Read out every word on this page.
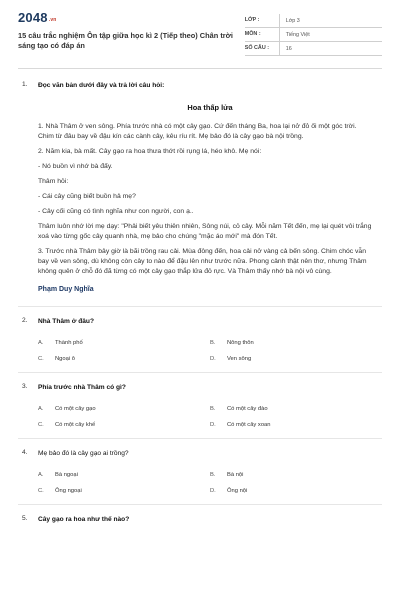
2048.vn
15 câu trắc nghiệm Ôn tập giữa học kì 2 (Tiếp theo) Chân trời sáng tạo có đáp án
LỚP :	Lớp 3
MÔN :	Tiếng Việt
SỐ CÂU :	16
1. Đọc văn bản dưới đây và trả lời câu hỏi:
Hoa thấp lửa

1. Nhà Thâm ở ven sông. Phía trước nhà có một cây gạo. Cứ đến tháng Ba, hoa lại nở đỏ ối một góc trời. Chim từ đâu bay về đậu kín các cành cây, kêu ríu rít. Mẹ bảo đó là cây gạo bà nội trồng.

2. Năm kia, bà mất. Cây gạo ra hoa thưa thớt rồi rụng lá, héo khô. Mẹ nói:

- Nó buồn vì nhớ bà đấy.

Thâm hỏi:

- Cái cây cũng biết buồn hả mẹ?

- Cây cối cũng có tình nghĩa như con người, con ạ..

Thâm luôn nhớ lời mẹ dạy: "Phải biết yêu thiên nhiên, Sông núi, cỏ cây. Mỗi năm Tết đến, mẹ lại quét vôi trắng xoá vào từng gốc cây quanh nhà, mẹ bảo cho chúng "mặc áo mới" mà đón Tết.

3. Trước nhà Thâm bây giờ là bãi trồng rau cải. Mùa đông đến, hoa cải nở vàng cả bến sông. Chim chóc vẫn bay về ven sông, dù không còn cây to nào để đậu lên như trước nữa. Phong cảnh thật nên thơ, nhưng Thâm không quên ở chỗ đó đã từng có một cây gạo thắp lửa đỏ rực. Và Thâm thấy nhớ bà nội vô cùng.

Phạm Duy Nghĩa
2. Nhà Thâm ở đâu?
A.	Thành phố	B.	Nông thôn
C.	Ngoại ô	D.	Ven sông
3. Phía trước nhà Thâm có gì?
A.	Có một cây gạo	B.	Có một cây đào
C.	Có một cây khế	D.	Có một cây xoan
4. Mẹ bảo đó là cây gạo ai trồng?
A.	Bà ngoại	B.	Bà nội
C.	Ông ngoại	D.	Ông nội
5. Cây gạo ra hoa như thế nào?
